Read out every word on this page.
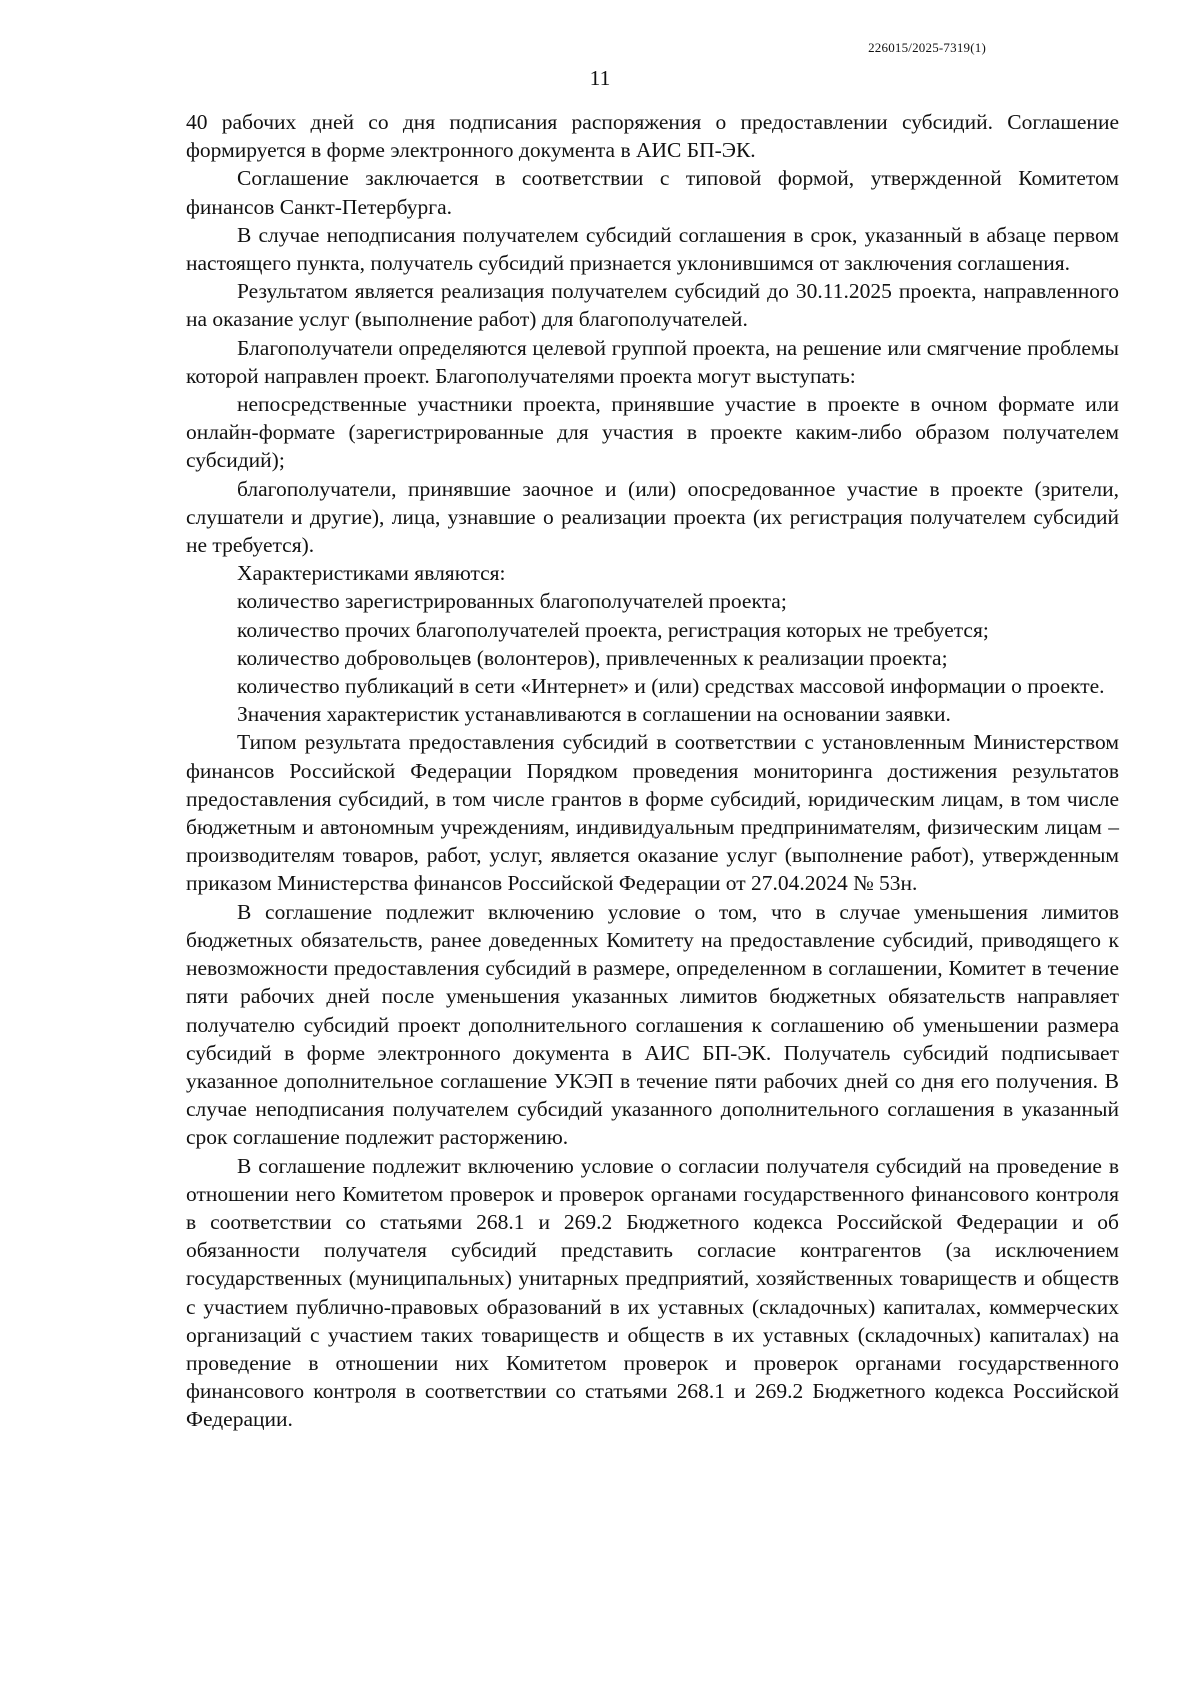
226015/2025-7319(1)
11

40 рабочих дней со дня подписания распоряжения о предоставлении субсидий. Соглашение формируется в форме электронного документа в АИС БП-ЭК.

Соглашение заключается в соответствии с типовой формой, утвержденной Комитетом финансов Санкт-Петербурга.

В случае неподписания получателем субсидий соглашения в срок, указанный в абзаце первом настоящего пункта, получатель субсидий признается уклонившимся от заключения соглашения.

Результатом является реализация получателем субсидий до 30.11.2025 проекта, направленного на оказание услуг (выполнение работ) для благополучателей.

Благополучатели определяются целевой группой проекта, на решение или смягчение проблемы которой направлен проект. Благополучателями проекта могут выступать:

непосредственные участники проекта, принявшие участие в проекте в очном формате или онлайн-формате (зарегистрированные для участия в проекте каким-либо образом получателем субсидий);

благополучатели, принявшие заочное и (или) опосредованное участие в проекте (зрители, слушатели и другие), лица, узнавшие о реализации проекта (их регистрация получателем субсидий не требуется).

Характеристиками являются:

количество зарегистрированных благополучателей проекта;

количество прочих благополучателей проекта, регистрация которых не требуется;

количество добровольцев (волонтеров), привлеченных к реализации проекта;

количество публикаций в сети «Интернет» и (или) средствах массовой информации о проекте.

Значения характеристик устанавливаются в соглашении на основании заявки.

Типом результата предоставления субсидий в соответствии с установленным Министерством финансов Российской Федерации Порядком проведения мониторинга достижения результатов предоставления субсидий, в том числе грантов в форме субсидий, юридическим лицам, в том числе бюджетным и автономным учреждениям, индивидуальным предпринимателям, физическим лицам – производителям товаров, работ, услуг, является оказание услуг (выполнение работ), утвержденным приказом Министерства финансов Российской Федерации от 27.04.2024 № 53н.

В соглашение подлежит включению условие о том, что в случае уменьшения лимитов бюджетных обязательств, ранее доведенных Комитету на предоставление субсидий, приводящего к невозможности предоставления субсидий в размере, определенном в соглашении, Комитет в течение пяти рабочих дней после уменьшения указанных лимитов бюджетных обязательств направляет получателю субсидий проект дополнительного соглашения к соглашению об уменьшении размера субсидий в форме электронного документа в АИС БП-ЭК. Получатель субсидий подписывает указанное дополнительное соглашение УКЭП в течение пяти рабочих дней со дня его получения. В случае неподписания получателем субсидий указанного дополнительного соглашения в указанный срок соглашение подлежит расторжению.

В соглашение подлежит включению условие о согласии получателя субсидий на проведение в отношении него Комитетом проверок и проверок органами государственного финансового контроля в соответствии со статьями 268.1 и 269.2 Бюджетного кодекса Российской Федерации и об обязанности получателя субсидий представить согласие контрагентов (за исключением государственных (муниципальных) унитарных предприятий, хозяйственных товариществ и обществ с участием публично-правовых образований в их уставных (складочных) капиталах, коммерческих организаций с участием таких товариществ и обществ в их уставных (складочных) капиталах) на проведение в отношении них Комитетом проверок и проверок органами государственного финансового контроля в соответствии со статьями 268.1 и 269.2 Бюджетного кодекса Российской Федерации.
